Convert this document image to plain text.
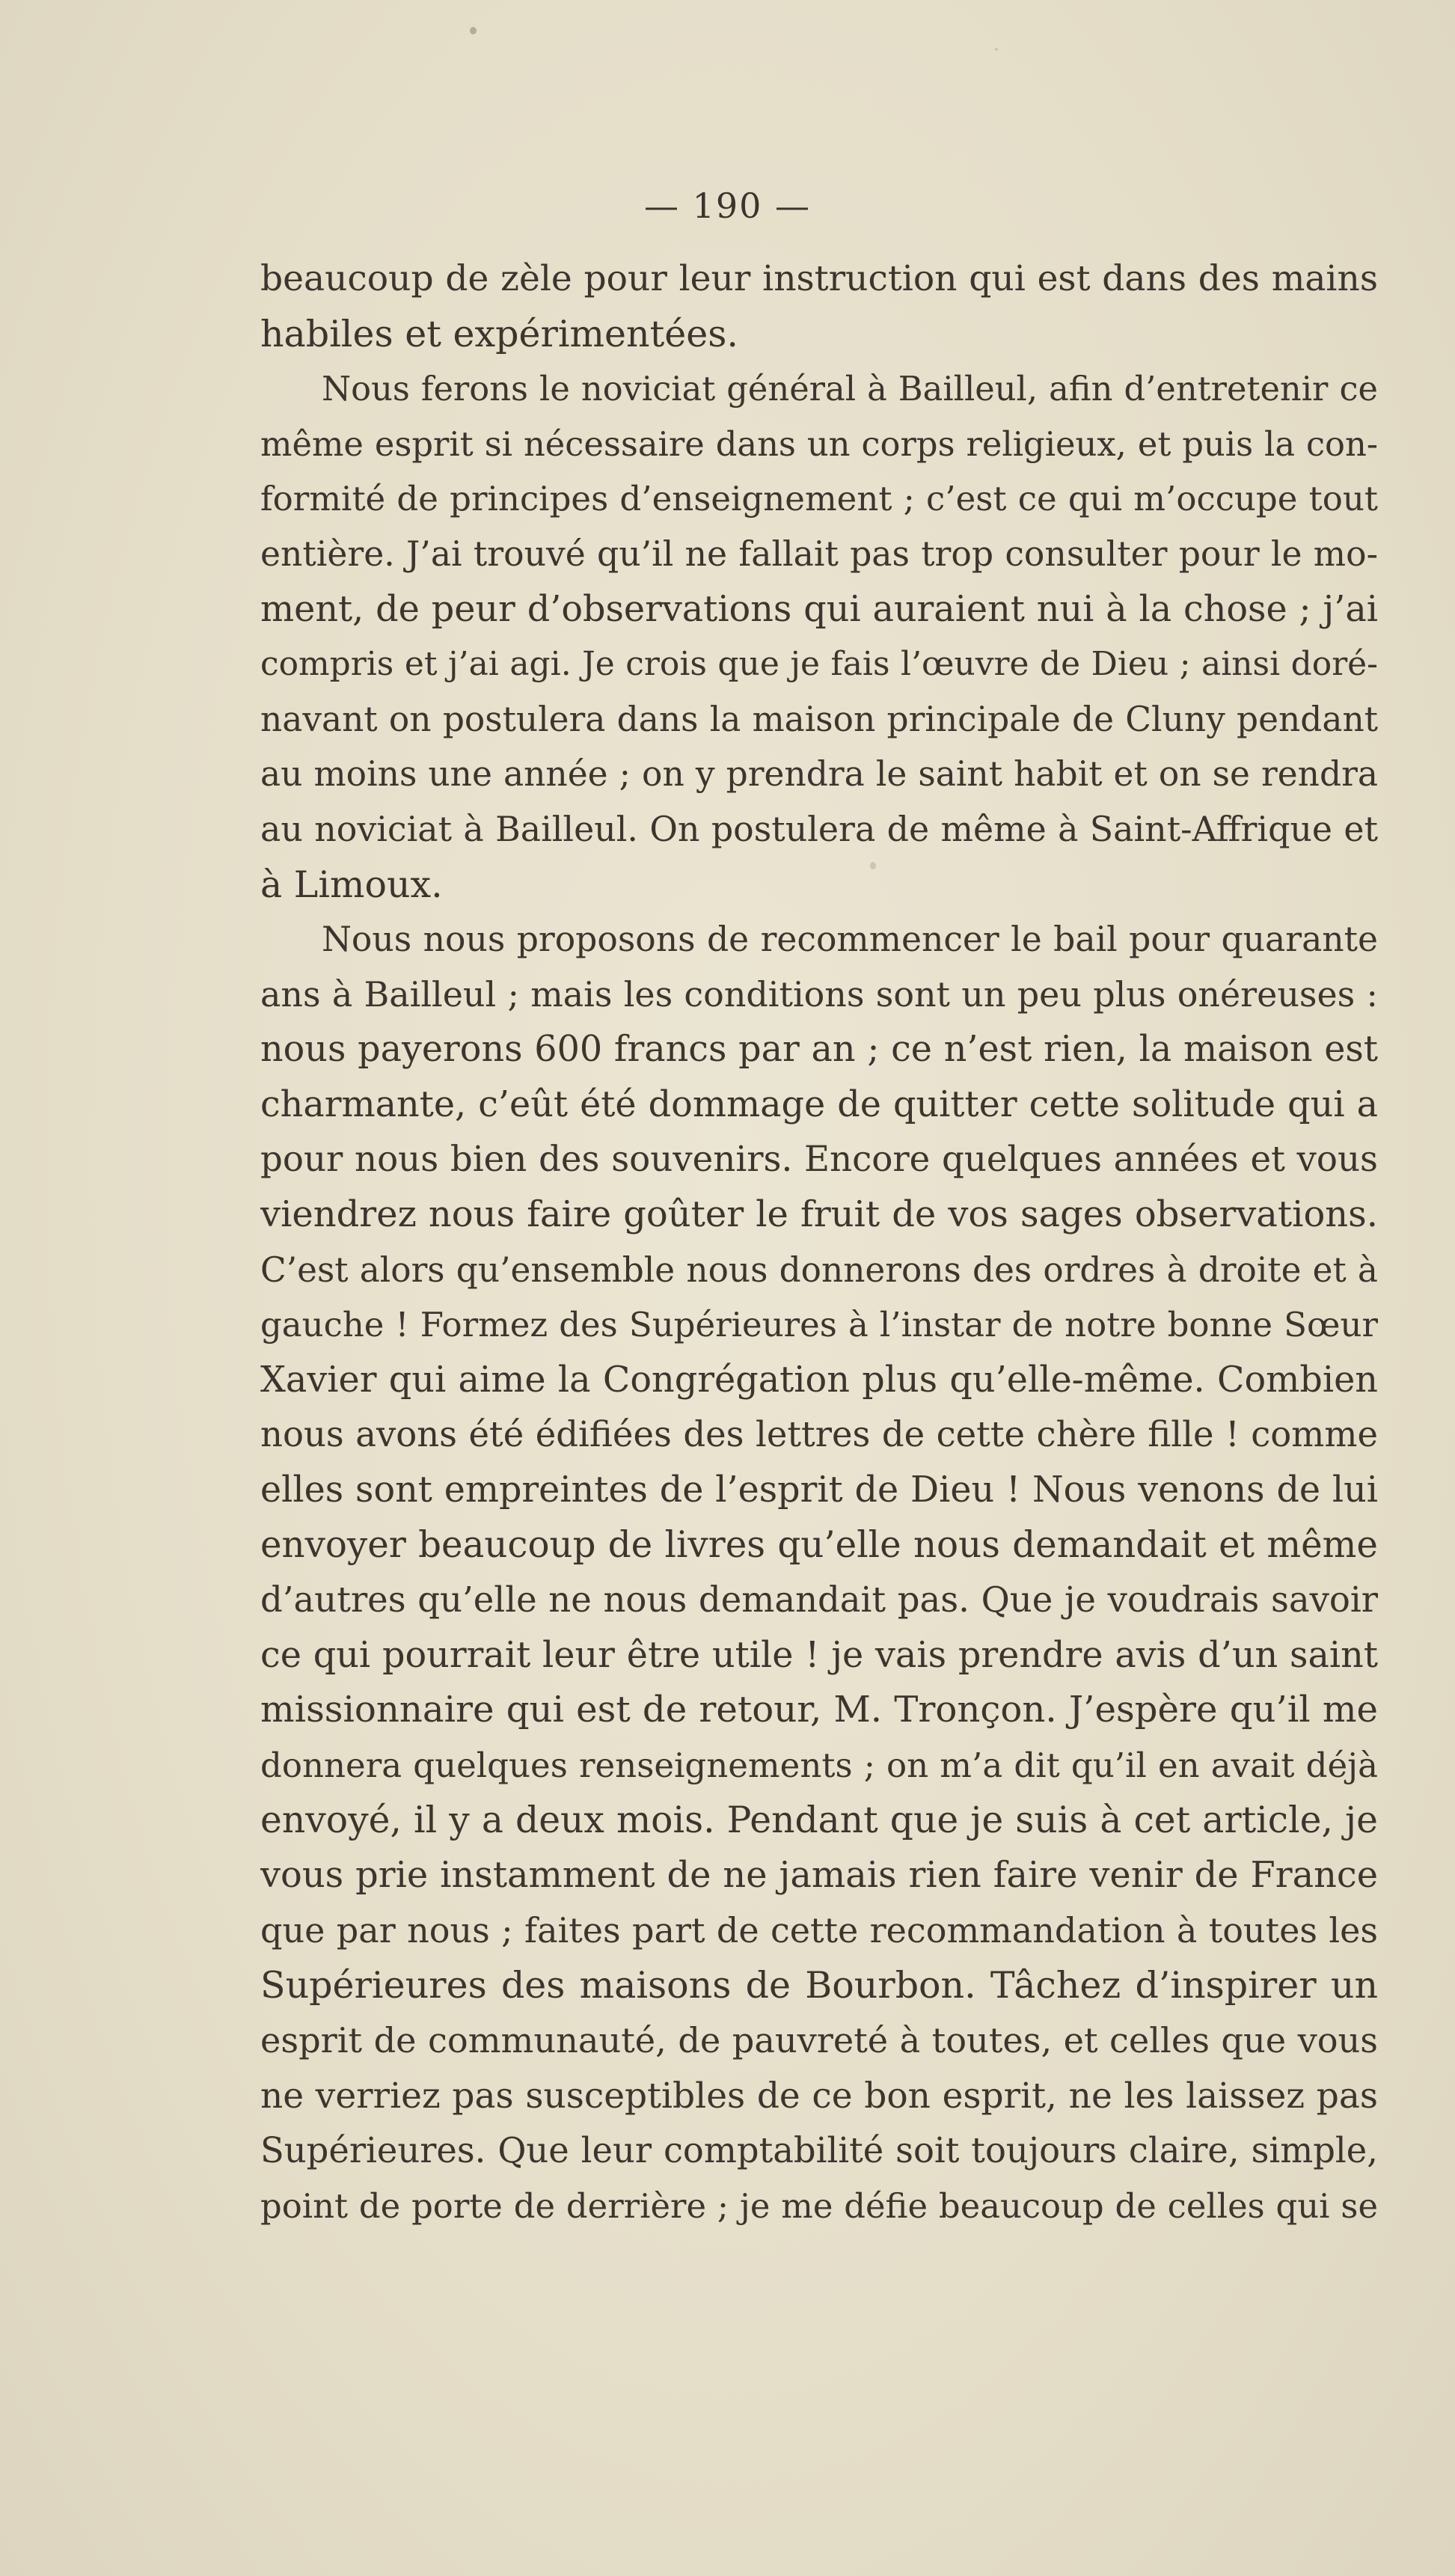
— 190 —
beaucoup de zèle pour leur instruction qui est dans des mains
habiles et expérimentées.
Nous ferons le noviciat général à Bailleul, afin d’entretenir ce
même esprit si nécessaire dans un corps religieux, et puis la con-
formité de principes d’enseignement ; c’est ce qui m’occupe tout
entière. J’ai trouvé qu’il ne fallait pas trop consulter pour le mo-
ment, de peur d’observations qui auraient nui à la chose ; j’ai
compris et j’ai agi. Je crois que je fais l’œuvre de Dieu ; ainsi doré-
navant on postulera dans la maison principale de Cluny pendant
au moins une année ; on y prendra le saint habit et on se rendra
au noviciat à Bailleul. On postulera de même à Saint-Affrique et
à Limoux.
Nous nous proposons de recommencer le bail pour quarante
ans à Bailleul ; mais les conditions sont un peu plus onéreuses :
nous payerons 600 francs par an ; ce n’est rien, la maison est
charmante, c’eût été dommage de quitter cette solitude qui a
pour nous bien des souvenirs. Encore quelques années et vous
viendrez nous faire goûter le fruit de vos sages observations.
C’est alors qu’ensemble nous donnerons des ordres à droite et à
gauche ! Formez des Supérieures à l’instar de notre bonne Sœur
Xavier qui aime la Congrégation plus qu’elle-même. Combien
nous avons été édifiées des lettres de cette chère fille ! comme
elles sont empreintes de l’esprit de Dieu ! Nous venons de lui
envoyer beaucoup de livres qu’elle nous demandait et même
d’autres qu’elle ne nous demandait pas. Que je voudrais savoir
ce qui pourrait leur être utile ! je vais prendre avis d’un saint
missionnaire qui est de retour, M. Tronçon. J’espère qu’il me
donnera quelques renseignements ; on m’a dit qu’il en avait déjà
envoyé, il y a deux mois. Pendant que je suis à cet article, je
vous prie instamment de ne jamais rien faire venir de France
que par nous ; faites part de cette recommandation à toutes les
Supérieures des maisons de Bourbon. Tâchez d’inspirer un
esprit de communauté, de pauvreté à toutes, et celles que vous
ne verriez pas susceptibles de ce bon esprit, ne les laissez pas
Supérieures. Que leur comptabilité soit toujours claire, simple,
point de porte de derrière ; je me défie beaucoup de celles qui se
